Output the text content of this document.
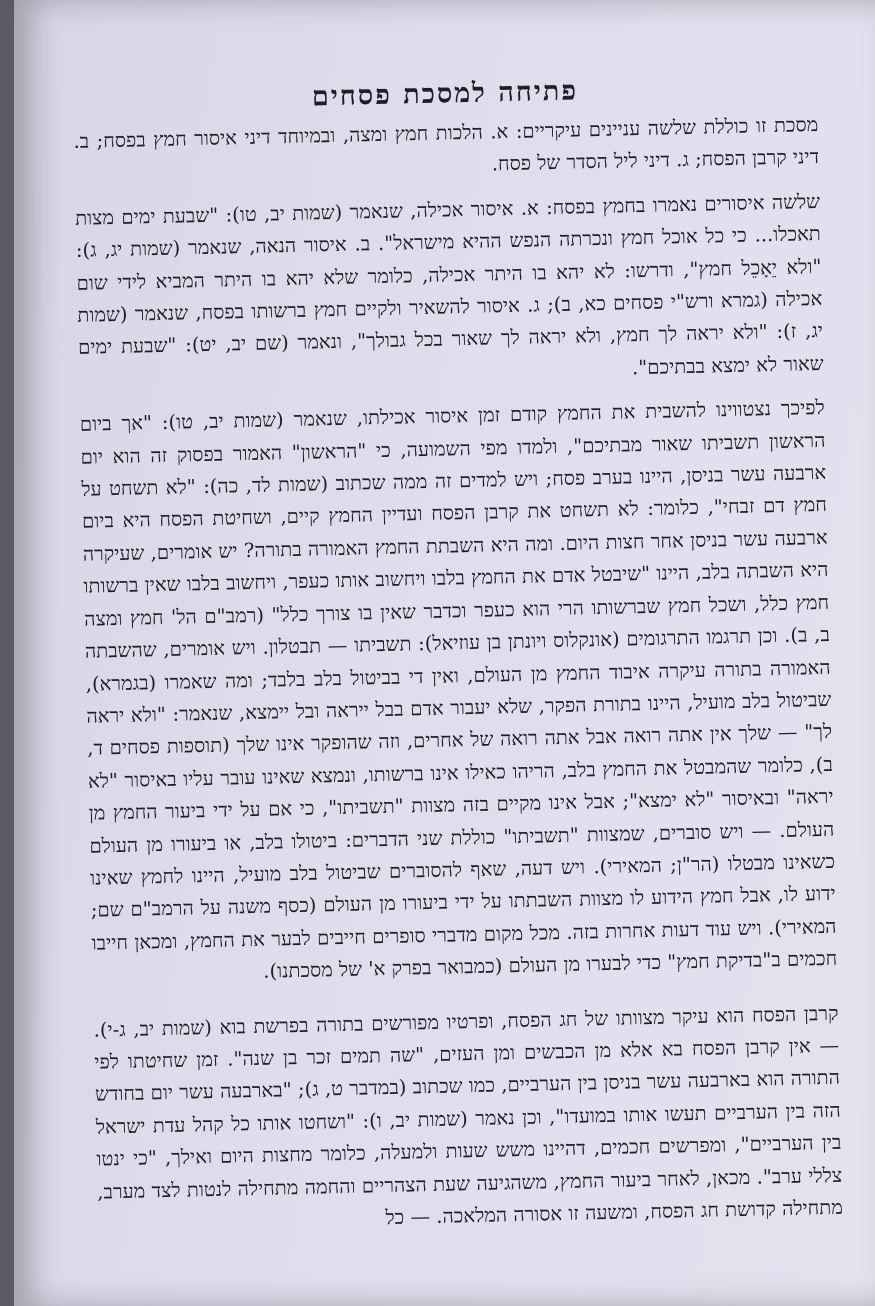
פתיחה למסכת פסחים

מסכת זו כוללת שלשה עניינים עיקריים: א. הלכות חמץ ומצה, ובמיוחד דיני איסור חמץ בפסח; ב. דיני קרבן הפסח; ג. דיני ליל הסדר של פסח.

שלשה איסורים נאמרו בחמץ בפסח: א. איסור אכילה, שנאמר (שמות יב, טו): "שבעת ימים מצות תאכלו... כי כל אוכל חמץ ונכרתה הנפש ההיא מישראל". ב. איסור הנאה, שנאמר (שמות יג, ג): "ולא יֵאָכֵל חמץ", ודרשו: לא יהא בו היתר אכילה, כלומר שלא יהא בו היתר המביא לידי שום אכילה (גמרא ורש"י פסחים כא, ב); ג. איסור להשאיר ולקיים חמץ ברשותו בפסח, שנאמר (שמות יג, ז): "ולא יראה לך חמץ, ולא יראה לך שאור בכל גבולך", ונאמר (שם יב, יט): "שבעת ימים שאור לא ימצא בבתיכם".

לפיכך נצטווינו להשבית את החמץ קודם זמן איסור אכילתו, שנאמר (שמות יב, טו): "אך ביום הראשון תשביתו שאור מבתיכם", ולמדו מפי השמועה, כי "הראשון" האמור בפסוק זה הוא יום ארבעה עשר בניסן, היינו בערב פסח; ויש למדים זה ממה שכתוב (שמות לד, כה): "לא תשחט על חמץ דם זבחי", כלומר: לא תשחט את קרבן הפסח ועדיין החמץ קיים, ושחיטת הפסח היא ביום ארבעה עשר בניסן אחר חצות היום. ומה היא השבתת החמץ האמורה בתורה? יש אומרים, שעיקרה היא השבתה בלב, היינו "שיבטל אדם את החמץ בלבו ויחשוב אותו כעפר, ויחשוב בלבו שאין ברשותו חמץ כלל, ושכל חמץ שברשותו הרי הוא כעפר וכדבר שאין בו צורך כלל" (רמב"ם הל' חמץ ומצה ב, ב). וכן תרגמו התרגומים (אונקלוס ויונתן בן עוזיאל): תשביתו — תבטלון. ויש אומרים, שהשבתה האמורה בתורה עיקרה איבוד החמץ מן העולם, ואין די בביטול בלב בלבד; ומה שאמרו (בגמרא), שביטול בלב מועיל, היינו בתורת הפקר, שלא יעבור אדם בבל ייראה ובל יימצא, שנאמר: "ולא יראה לך" — שלך אין אתה רואה אבל אתה רואה של אחרים, וזה שהופקר אינו שלך (תוספות פסחים ד, ב), כלומר שהמבטל את החמץ בלב, הריהו כאילו אינו ברשותו, ונמצא שאינו עובר עליו באיסור "לא יראה" ובאיסור "לא ימצא"; אבל אינו מקיים בזה מצוות "תשביתו", כי אם על ידי ביעור החמץ מן העולם. — ויש סוברים, שמצוות "תשביתו" כוללת שני הדברים: ביטולו בלב, או ביעורו מן העולם כשאינו מבטלו (הר"ן; המאירי). ויש דעה, שאף להסוברים שביטול בלב מועיל, היינו לחמץ שאינו ידוע לו, אבל חמץ הידוע לו מצוות השבתתו על ידי ביעורו מן העולם (כסף משנה על הרמב"ם שם; המאירי). ויש עוד דעות אחרות בזה. מכל מקום מדברי סופרים חייבים לבער את החמץ, ומכאן חייבו חכמים ב"בדיקת חמץ" כדי לבערו מן העולם (כמבואר בפרק א' של מסכתנו).

קרבן הפסח הוא עיקר מצוותו של חג הפסח, ופרטיו מפורשים בתורה בפרשת בוא (שמות יב, ג-י). — אין קרבן הפסח בא אלא מן הכבשים ומן העזים, "שה תמים זכר בן שנה". זמן שחיטתו לפי התורה הוא בארבעה עשר בניסן בין הערביים, כמו שכתוב (במדבר ט, ג); "בארבעה עשר יום בחודש הזה בין הערביים תעשו אותו במועדו", וכן נאמר (שמות יב, ו): "ושחטו אותו כל קהל עדת ישראל בין הערביים", ומפרשים חכמים, דהיינו משש שעות ולמעלה, כלומר מחצות היום ואילך, "כי ינטו צללי ערב". מכאן, לאחר ביעור החמץ, משהגיעה שעת הצהריים והחמה מתחילה לנטות לצד מערב, מתחילה קדושת חג הפסח, ומשעה זו אסורה המלאכה. — כל
